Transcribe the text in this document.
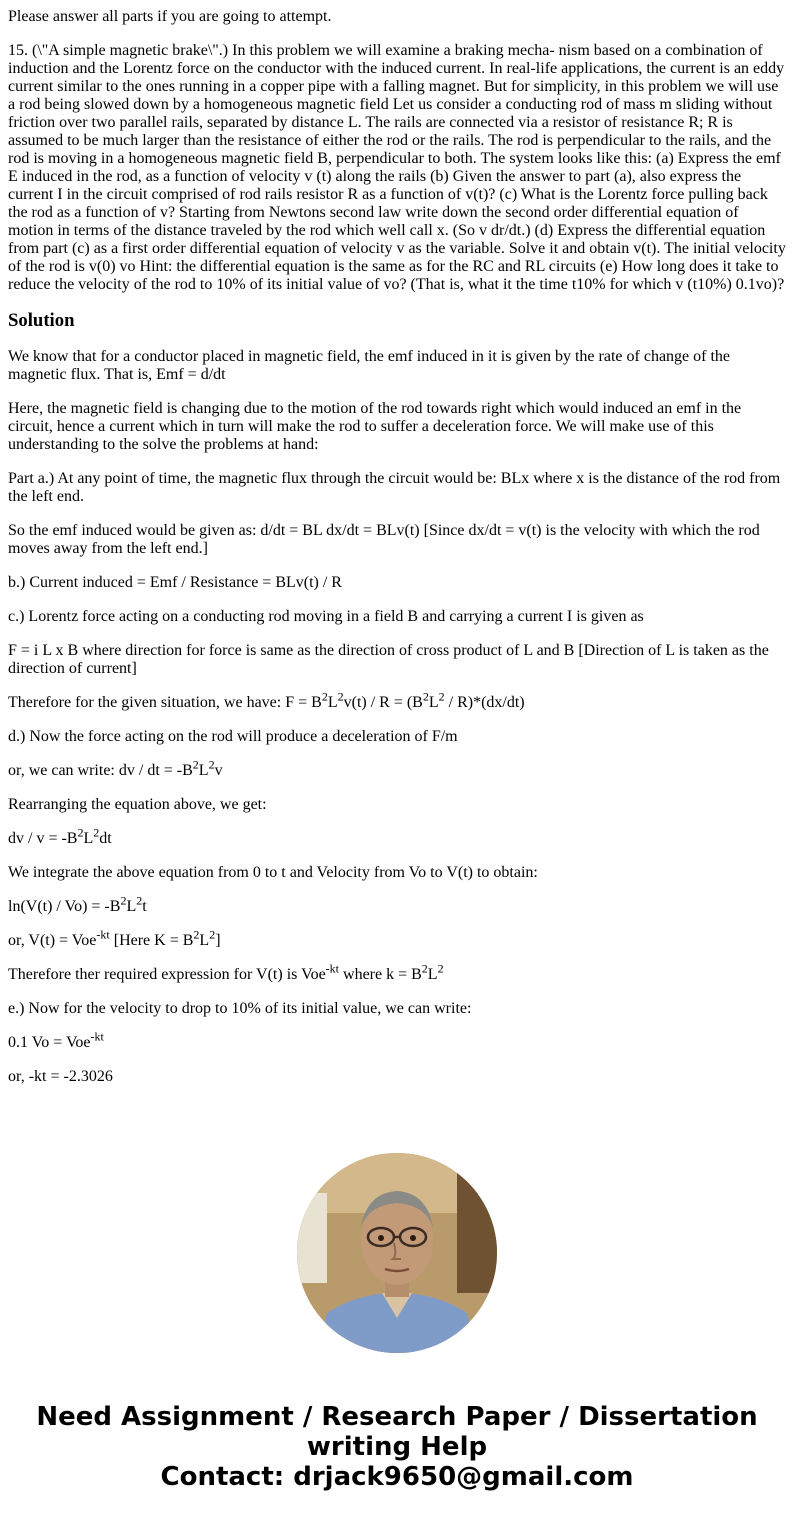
Please answer all parts if you are going to attempt.

15. (\"A simple magnetic brake\".) In this problem we will examine a braking mecha- nism based on a combination of induction and the Lorentz force on the conductor with the induced current. In real-life applications, the current is an eddy current similar to the ones running in a copper pipe with a falling magnet. But for simplicity, in this problem we will use a rod being slowed down by a homogeneous magnetic field Let us consider a conducting rod of mass m sliding without friction over two parallel rails, separated by distance L. The rails are connected via a resistor of resistance R; R is assumed to be much larger than the resistance of either the rod or the rails. The rod is perpendicular to the rails, and the rod is moving in a homogeneous magnetic field B, perpendicular to both. The system looks like this: (a) Express the emf E induced in the rod, as a function of velocity v (t) along the rails (b) Given the answer to part (a), also express the current I in the circuit comprised of rod rails resistor R as a function of v(t)? (c) What is the Lorentz force pulling back the rod as a function of v? Starting from Newtons second law write down the second order differential equation of motion in terms of the distance traveled by the rod which well call x. (So v dr/dt.) (d) Express the differential equation from part (c) as a first order differential equation of velocity v as the variable. Solve it and obtain v(t). The initial velocity of the rod is v(0) vo Hint: the differential equation is the same as for the RC and RL circuits (e) How long does it take to reduce the velocity of the rod to 10% of its initial value of vo? (That is, what it the time t10% for which v (t10%) 0.1vo)?

Solution

We know that for a conductor placed in magnetic field, the emf induced in it is given by the rate of change of the magnetic flux. That is, Emf = d/dt

Here, the magnetic field is changing due to the motion of the rod towards right which would induced an emf in the circuit, hence a current which in turn will make the rod to suffer a deceleration force. We will make use of this understanding to the solve the problems at hand:

Part a.) At any point of time, the magnetic flux through the circuit would be: BLx where x is the distance of the rod from the left end.

So the emf induced would be given as: d/dt = BL dx/dt = BLv(t) [Since dx/dt = v(t) is the velocity with which the rod moves away from the left end.]

b.) Current induced = Emf / Resistance = BLv(t) / R

c.) Lorentz force acting on a conducting rod moving in a field B and carrying a current I is given as

F = i L x B where direction for force is same as the direction of cross product of L and B [Direction of L is taken as the direction of current]

Therefore for the given situation, we have: $F = B^2L^2v(t) / R = (B^2L^2 / R)*(dx/dt)$

d.) Now the force acting on the rod will produce a deceleration of F/m

or, we can write: dv / dt = $-B^2L^2v$

Rearranging the equation above, we get:

dv / $v = -B^2L^2dt$

We integrate the above equation from 0 to t and Velocity from Vo to V(t) to obtain:

$\ln(V(t) / Vo) = -B^2L^2t$

or, V(t) = Voe$^{-kt}$ [Here $K = B^2L^2$]

Therefore ther required expression for V(t) is Voe$^{-kt}$ where $k = B^2L^2$

e.) Now for the velocity to drop to 10% of its initial value, we can write:

0.1 Vo = Voe$^{-kt}$

or, -kt = -2.3026

Need Assignment / Research Paper / Dissertation
writing Help
Contact: drjack9650@gmail.com
